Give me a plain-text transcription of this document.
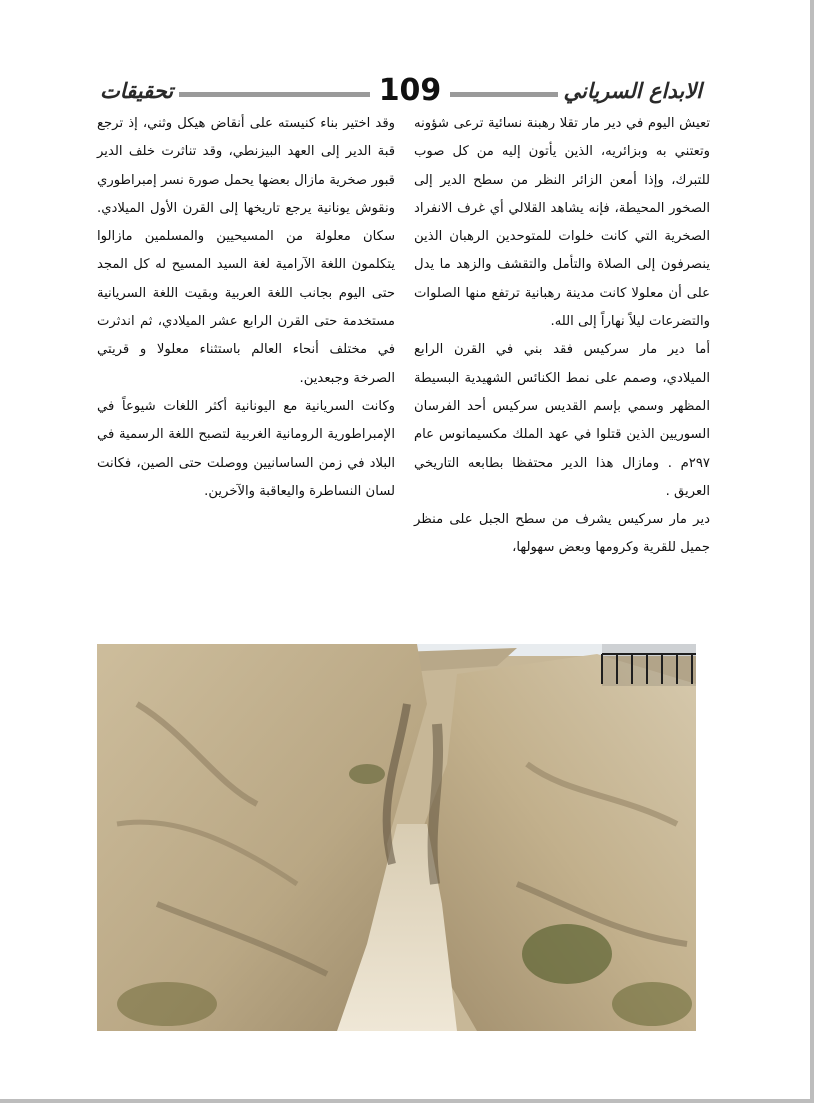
تحقيقات	109	الابداع السرياني

تعيش اليوم في دير مار تقلا رهبنة نسائية ترعى شؤونه وتعتني به وبزائريه، الذين يأتون إليه من كل صوب للتبرك، وإذا أمعن الزائر النظر من سطح الدير إلى الصخور المحيطة، فإنه يشاهد القلالي أي غرف الانفراد الصخرية التي كانت خلوات للمتوحدين الرهبان الذين ينصرفون إلى الصلاة والتأمل والتقشف والزهد ما يدل على أن معلولا كانت مدينة رهبانية ترتفع منها الصلوات والتضرعات ليلاً نهاراً إلى الله.

أما دير مار سركيس فقد بني في القرن الرابع الميلادي، وصمم على نمط الكنائس الشهيدية البسيطة المظهر وسمي بإسم القديس سركيس أحد الفرسان السوريين الذين قتلوا في عهد الملك مكسيمانوس عام ٢٩٧م . ومازال هذا الدير محتفظا بطابعه التاريخي العريق .

دير مار سركيس يشرف من سطح الجبل على منظر جميل للقرية وكرومها وبعض سهولها،

وقد اختير بناء كنيسته على أنقاض هيكل وثني، إذ ترجع قبة الدير إلى العهد البيزنطي، وقد تناثرت خلف الدير قبور صخرية مازال بعضها يحمل صورة نسر إمبراطوري ونقوش يونانية يرجع تاريخها إلى القرن الأول الميلادي. سكان معلولة من المسيحيين والمسلمين مازالوا يتكلمون اللغة الآرامية لغة السيد المسيح له كل المجد حتى اليوم بجانب اللغة العربية وبقيت اللغة السريانية مستخدمة حتى القرن الرابع عشر الميلادي، ثم اندثرت في مختلف أنحاء العالم باستثناء معلولا و قريتي الصرخة وجبعدين.

وكانت السريانية مع اليونانية أكثر اللغات شيوعاً في الإمبراطورية الرومانية الغربية لتصبح اللغة الرسمية في البلاد في زمن الساسانيين ووصلت حتى الصين، فكانت لسان النساطرة واليعاقبة والآخرين.
